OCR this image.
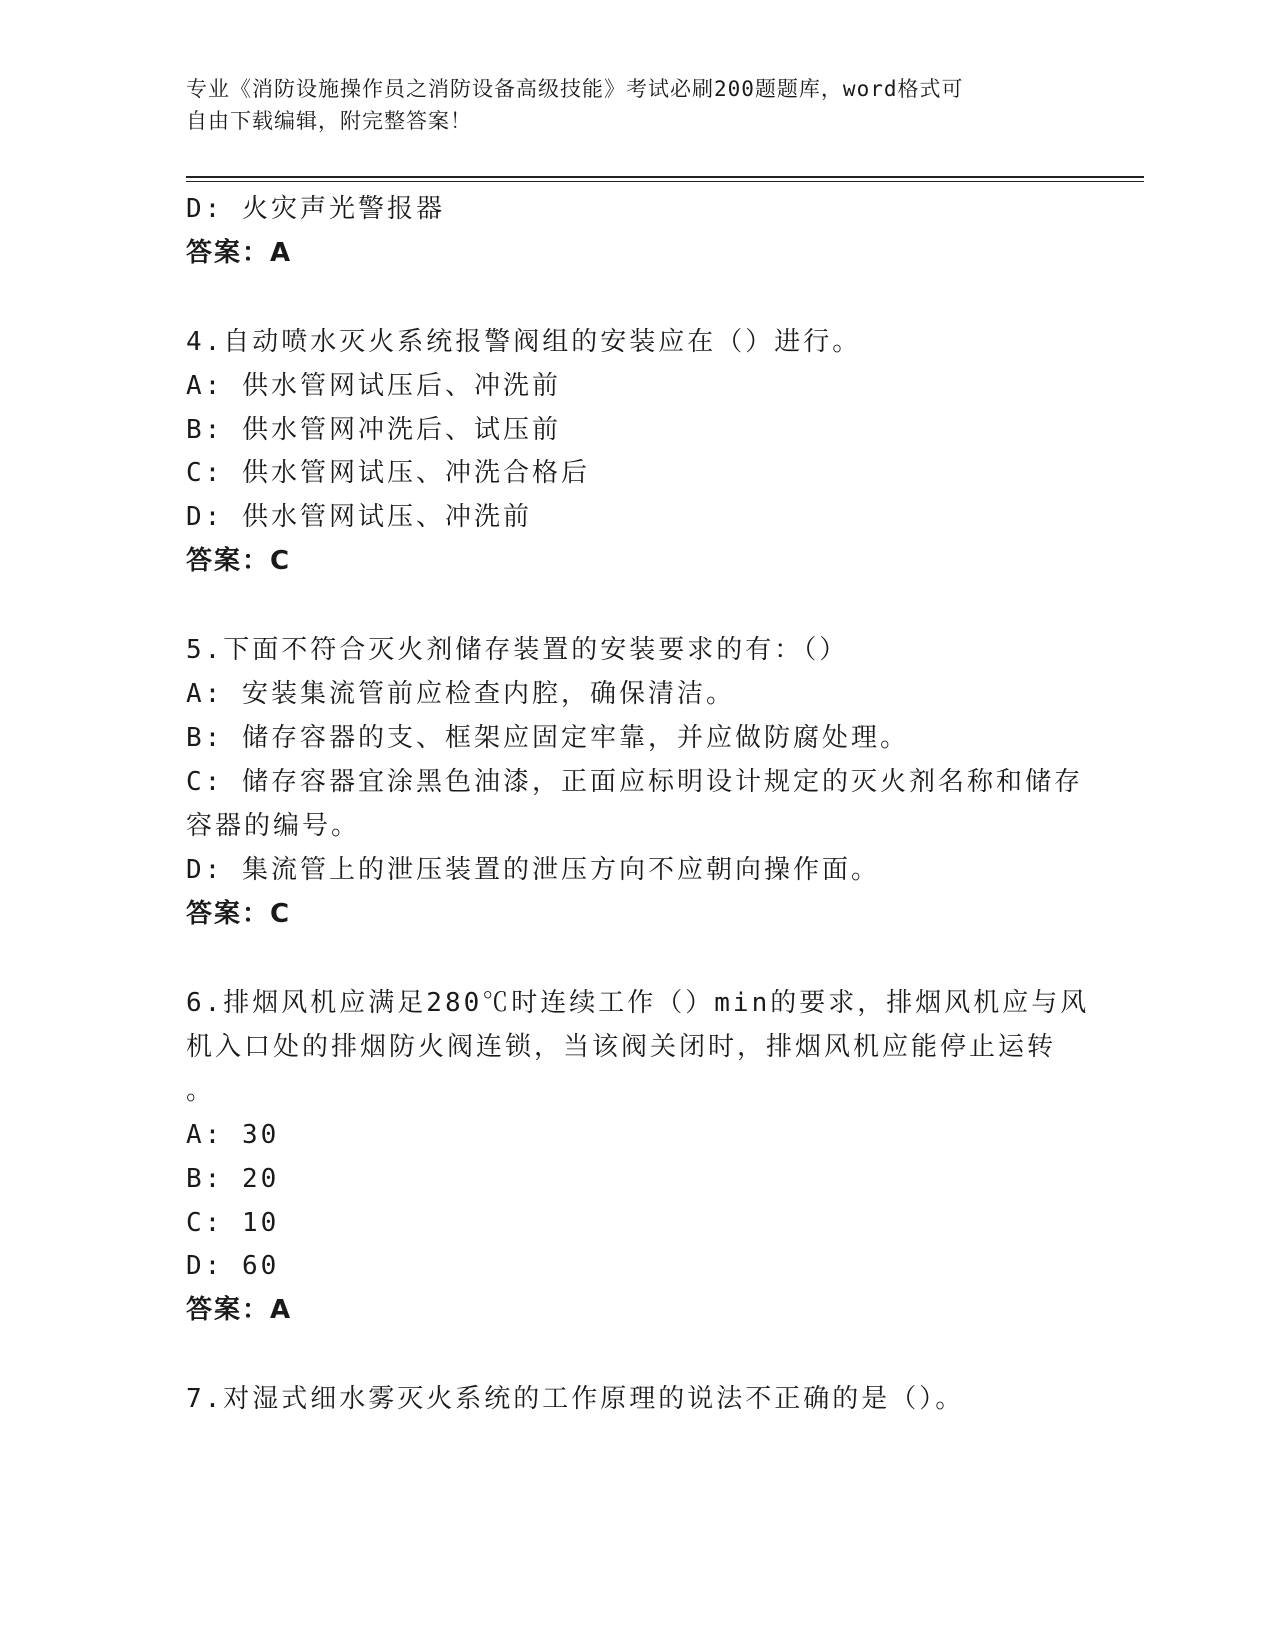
专业《消防设施操作员之消防设备高级技能》考试必刷200题题库，word格式可
自由下载编辑，附完整答案！
D: 火灾声光警报器
答案：A
4.自动喷水灭火系统报警阀组的安装应在（）进行。
A: 供水管网试压后、冲洗前
B: 供水管网冲洗后、试压前
C: 供水管网试压、冲洗合格后
D: 供水管网试压、冲洗前
答案：C
5.下面不符合灭火剂储存装置的安装要求的有：（）
A: 安装集流管前应检查内腔，确保清洁。
B: 储存容器的支、框架应固定牢靠，并应做防腐处理。
C: 储存容器宜涂黑色油漆，正面应标明设计规定的灭火剂名称和储存
容器的编号。
D: 集流管上的泄压装置的泄压方向不应朝向操作面。
答案：C
6.排烟风机应满足280℃时连续工作（）min的要求，排烟风机应与风
机入口处的排烟防火阀连锁，当该阀关闭时，排烟风机应能停止运转
。
A: 30
B: 20
C: 10
D: 60
答案：A
7.对湿式细水雾灭火系统的工作原理的说法不正确的是（）。
